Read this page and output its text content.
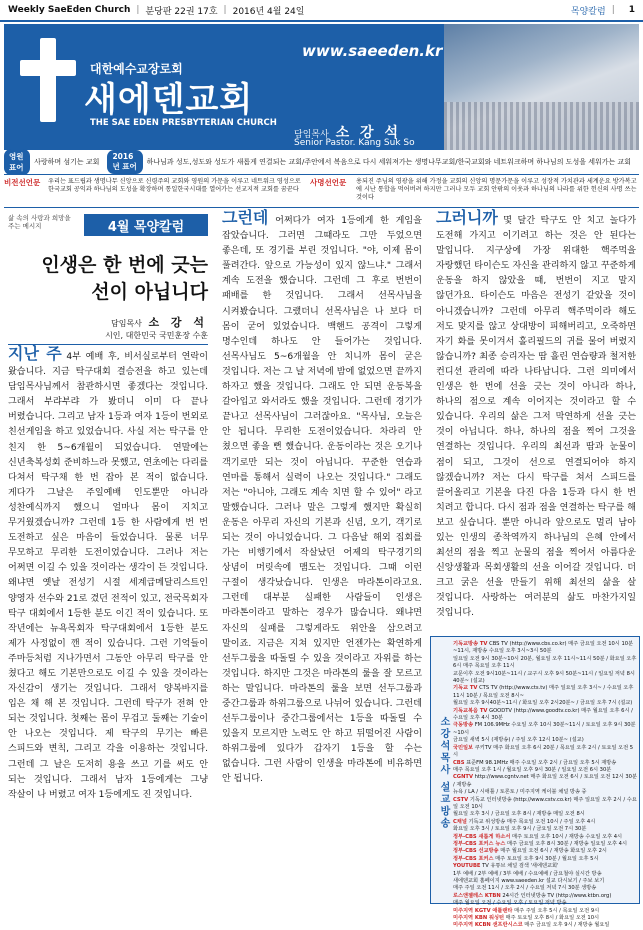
Weekly SaeEden Church | 분당판 22권 17호 | 2016년 4월 24일	목양칼럼 | 1
대한예수교장로회
새에덴교회
THE SAE EDEN PRESBYTERIAN CHURCH
www.saeeden.kr
담임목사 소 강 석
Senior Pastor. Kang Suk So
영원표어
사랑하며 섬기는 교회
2016년 표어	하나님과 성도,성도와 성도가 새롭게 연결되는 교회/주안에서 복음으로 다시 세워져가는 생명나무교회/한국교회와 네트워크하며 하나님의 도성을 세워가는 교회
비전선언문 우리는 표드립과 생명나무 신앙으로 신령주의 교회와 영원의 가문을 이루고 네트워크 영성으로 한국교회 공익과 하나님의 도성을 확장하며 통일한국시대를 열어가는 선교지적 교회를 꿈꾼다
사명선언문 용되진 주님의 영광을 위해 가정을 교회의 신앙의 명문가문을 이루고 성장적 가치관과 세계운요 방가복고에 시난 통합을 먹어버려 하지만 그러나 모두 교회 안팎의 이웃과 하나님의 나라를 위한 헌신의 사명 쓰는 것이다
삶 속의 사랑과 희망을 주는 메시지	4월 목양칼럼
인생은 한 번에 긋는
선이 아닙니다
담임목사 소 강 석
시인, 대한민국 국민훈장 수훈
지난 주 4부 예배 후, 비서실로부터 연락이 왔습니다. 지금 탁구대회 결승전을 하고 있는데 담임목사님께서 참관하시면 좋겠다는 것입니다. 그래서 부랴부랴 가 봤더니 이미 다 끝나 버렸습니다. 그리고 남자 1등과 여자 1등이 번외로 친선게임을 하고 있었습니다. 사실 저는 탁구를 안 친지 한 5~6개월이 되었습니다. 연말에는 신년축복성회 준비하느라 못했고, 연초에는 다리를 다쳐서 탁구채 한 번 잡아 본 적이 없습니다. 게다가 그날은 주일예배 인도뿐만 아니라 성찬예식까지 했으니 얼마나 몸이 지치고 무거웠겠습니까? 그런데 1등 한 사람에게 번 번 도전하고 싶은 마음이 들었습니다. 물론 너무 무모하고 무리한 도전이었습니다. 그러나 저는 어쩌면 이길 수 있을 것이라는 생각이 든 것입니다. 왜냐면 옛날 전성기 시절 세계급메달리스트인 양영자 선수와 21로 겼던 전적이 있고, 전국목회자 탁구 대회에서 1등한 분도 이긴 적이 있습니다. 또 작년에는 뉴욕목회자 탁구대회에서 1등한 분도 제가 사정없이 깬 적이 있습니다. 그런 기억들이 주마등처럼 지나가면서 그동안 아무리 탁구를 안 쳤다고 해도 기본만으로도 이길 수 있을 것이라는 자신감이 생기는 것입니다. 그래서 양복바지를 입은 채 해 본 것입니다. 그런데 탁구가 전혀 안 되는 것입니다. 첫째는 몸이 무겁고 둘째는 기술이 안 나오는 것입니다. 제 탁구의 무기는 빠른 스피드와 변칙, 그리고 각을 이용하는 것입니다. 그런데 그 날은 도저히 용을 쓰고 기를 써도 안 되는 것입니다. 그래서 남자 1등에게는 그냥 작살이 나 버렸고 여자 1등에게도 진 것입니다.
그런데 어쩌다가 여자 1등에게 한 게임을 잡았습니다. 그러면 그때라도 그만 두었으면 좋은데, 또 경기를 부린 것입니다. "야, 이제 몸이 풀려간다. 앞으로 가능성이 있지 않느냐." 그래서 계속 도전을 했습니다. 그런데 그 후로 번번이 패배를 한 것입니다. 그래서 선목사님을 시켜봤습니다. 그랬더니 선목사님은 나 보다 더 몸이 굳어 있었습니다. 백핸드 공격이 그렇게 명수인데 하나도 안 들어가는 것입니다. 선목사님도 5~6개월을 안 치니까 몸이 굳은 것입니다. 저는 그 날 저녁에 밤에 없었으면 끝까지 하자고 했을 것입니다. 그래도 안 되면 운동복을 갈아입고 와서라도 했을 것입니다. 그런데 경기가 끝나고 선목사님이 그러잖아요. "목사님, 오늘은 안 됩니다. 무리한 도전이었습니다. 차라리 안 쳤으면 좋을 뻔 했습니다. 운동이라는 것은 오기나 객기로만 되는 것이 아닙니다. 꾸준한 연습과 연마를 통해서 실력이 나오는 것입니다." 그래도 저는 "아니야, 그래도 계속 치면 할 수 있어" 라고 말했습니다. 그러나 말은 그렇게 했지만 확실히 운동은 아무리 자신의 기본과 신념, 오기, 객기로 되는 것이 아니었습니다. 그 다음날 해외 집회를 가는 비행기에서 작살났던 어제의 탁구경기의 상념이 머릿속에 맴도는 것입니다. 그때 이런 구절이 생각났습니다. 인생은 마라톤이라고요. 그런데 대부분 실패한 사람들이 인생은 마라톤이라고 말하는 경우가 많습니다. 왜냐면 자신의 실패를 그렇게라도 위안을 삼으려고 말이죠. 지금은 지쳐 있지만 언젠가는 확연하게 선두그룹을 따돌릴 수 있을 것이라고 자위를 하는 것입니다. 하지만 그것은 마라톤의 룰을 잘 모르고 하는 말입니다. 마라톤의 룰을 보면 선두그룹과 중간그룹과 하위그룹으로 나뉘어 있습니다. 그런데 선두그룹이나 중간그룹에서는 1등을 따돌릴 수 있을지 모르지만 노력도 안 하고 뒤떨어진 사람이 하위그룹에 있다가 갑자기 1등을 할 수는 없습니다. 그런 사람이 인생을 마라톤에 비유하면 안 됩니다.
그러니까 몇 달간 탁구도 안 치고 놀다가 도전해 가지고 이기려고 하는 것은 안 된다는 말입니다. 지구상에 가장 위대한 핵주먹을 자랑했던 타이슨도 자신을 관리하지 않고 꾸준하게 운동을 하지 않았을 때, 번번이 지고 말지 않던가요. 타이슨도 마음은 전성기 같았을 것이 아니겠습니까? 그런데 아무리 핵주먹이라 해도 저도 맞지를 않고 상대방이 피해버리고, 오죽하면 자기 화를 못이겨서 홀리필드의 귀를 물어 버렸지 않습니까? 최종 승리자는 땀 흘린 연습량과 철저한 컨디션 관리에 따라 나타납니다. 그런 의미에서 인생은 한 번에 선을 긋는 것이 아니라 하나, 하나의 점으로 계속 이어지는 것이라고 할 수 있습니다. 우리의 삶은 그저 막연하게 선을 긋는 것이 아닙니다. 하나, 하나의 점을 찍어 그것을 연결하는 것입니다. 우리의 최선과 땀과 눈물이 점이 되고, 그것이 선으로 연결되어야 하지 않겠습니까? 저는 다시 탁구를 쳐서 스피드를 끌어올리고 기본을 다진 다음 1등과 다시 한 번 치려고 합니다. 다시 점과 점을 연결하는 탁구를 해 보고 싶습니다. 뿐만 아니라 앞으로도 멀리 남아 있는 인생의 종착역까지 하나님의 은혜 안에서 최선의 점을 찍고 눈물의 점을 찍어서 아름다운 신앙생활과 목회생활의 선을 이어갈 것입니다. 더 크고 굵은 선을 만들기 위해 최선의 삶을 살 것입니다. 사랑하는 여러분의 삶도 마찬가지일 것입니다.
소강석목사 설교방송
기독교방송 TV CBS TV (http://www.cbs.co.kr) 매주 금요일 오전 10시 10분~11시, 재방송 수요일 오후 3시~3시 50분
일요일 오전 9시 30분~10시 20분, 월요일 오후 11시~11시 50분 / 화요일 오후 6시 매주 목요일 오후 11시
교문이후 오전 9시10분~11시 / 교구시 오후 9시 50분~11시 / 일요일 저녁 8시 40분~ (설교)
기독교 TV CTS TV (http://www.cts.tv) 매주 일요일 오후 3시~ / 수요일 오후 11시 10분 / 목요일 오전 8시~
월요일 오후 9시40분~11시 / 화요일 오후 2시20분~ / 금요일 오후 7시 (설교)
기독교복음 TV GOODTV (http://www.goodtv.co.kr) 매주 월요일 오후 6시 / 수요일 오후 4시 30분
극동방송 FM 106.9MHz 수요일 오후 10시 30분~11시 / 토요일 오후 9시 30분~10시
금요일 새벽 5시 (재방송) / 주일 오후 12시 10분~ (설교)
국민일보 쿠키TV 매주 화요일 오후 6시 20분 / 목요일 오후 2시 / 토요일 오전 5시
CBS 표준FM 98.1MHz 매주 수요일 오후 2시 / 금요일 오후 5시 재방송
매주 목요일 오후 1시 / 월요일 오후 9시 30분 / 일요일 오전 6시 30분
CGNTV http://www.cgntv.net 매주 화요일 오전 6시 / 토요일 오전 12시 30분 / 재방송
뉴욕 / LA / 시애틀 / 토론토 / 미주지역 케이블 채널 방송 중
CSTV 기독교 인터넷방송 (http://www.cstv.co.kr) 매주 일요일 오후 2시 / 수요일 오전 10시
월요일 오후 3시 / 금요일 오후 8시 / 재방송 매일 오전 8시
C채널 기독교 위성방송 매주 목요일 오전 10시 / 주일 오후 4시
화요일 오후 3시 / 토요일 오후 9시 / 금요일 오전 7시 30분
정부-CBS 새롭게 하소서 매주 토요일 오후 10시 / 재방송 수요일 오후 4시
정부-CBS 포커스 뉴스 매주 금요일 오후 8시 30분 / 재방송 일요일 오후 4시
정부-CBS 선교방송 매주 월요일 오전 6시 / 재방송 화요일 오후 2시
정부-CBS 포커스 매주 토요일 오후 9시 30분 / 월요일 오후 5시
YOUTUBE TV 유튜브 채널 검색 '새에덴교회'
1부 예배 / 2부 예배 / 3부 예배 / 수요예배 / 금요철야 실시간 방송
새에덴교회 홈페이지 www.saeeden.kr 설교 다시보기 / 주보 보기
매주 주일 오전 11시 / 오후 2시 / 수요일 저녁 7시 30분 생방송
로스앤젤레스 KTBN 24시간 인터넷방송 TV (http://www.ktbn.org)
매주 월요일 오전 / 수요일 오후 / 토요일 저녁 방송
미주지역 KGTV 애틀랜타 매주 주일 오후 5시 / 목요일 오전 9시
미주지역 KBN 워싱턴 매주 토요일 오후 8시 / 화요일 오전 10시
미주지역 KCBN 샌프란시스코 매주 금요일 오후 9시 / 재방송 월요일
